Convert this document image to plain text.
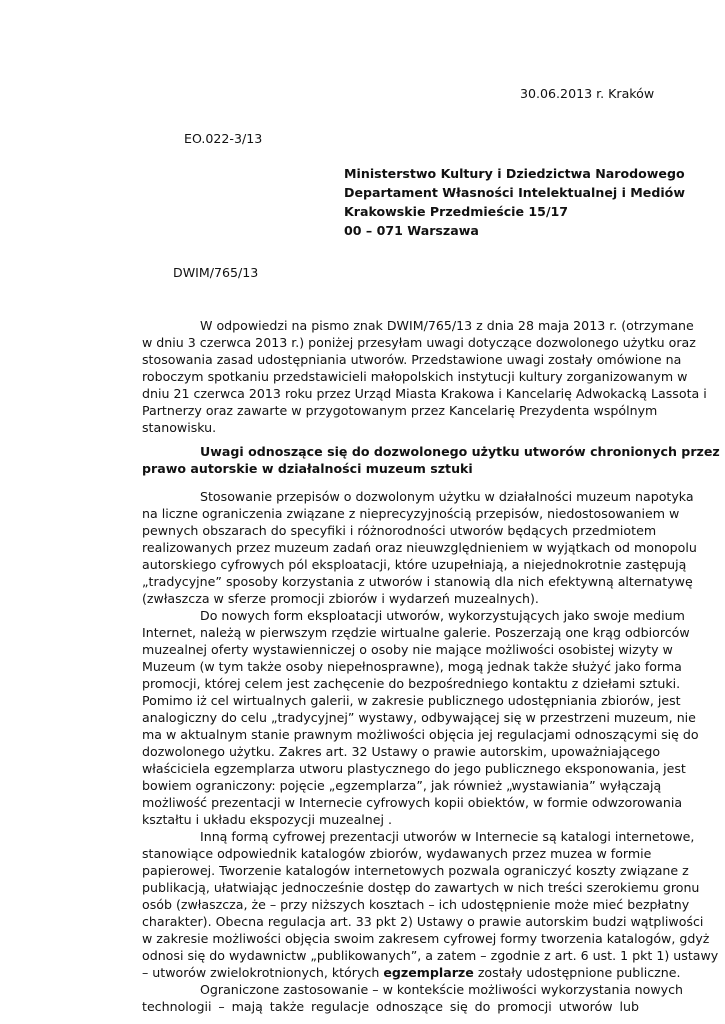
30.06.2013 r. Kraków
EO.022-3/13
Ministerstwo Kultury i Dziedzictwa Narodowego
Departament Własności Intelektualnej i Mediów
Krakowskie Przedmieście 15/17
00 – 071 Warszawa
DWIM/765/13
W odpowiedzi na pismo znak DWIM/765/13 z dnia 28 maja 2013 r. (otrzymane
w dniu 3 czerwca 2013 r.) poniżej przesyłam uwagi dotyczące dozwolonego użytku oraz
stosowania zasad udostępniania utworów. Przedstawione uwagi zostały omówione na
roboczym spotkaniu przedstawicieli małopolskich instytucji kultury zorganizowanym w
dniu 21 czerwca 2013 roku przez Urząd Miasta Krakowa i Kancelarię Adwokacką Lassota i
Partnerzy oraz zawarte w przygotowanym przez Kancelarię Prezydenta wspólnym
stanowisku.
Uwagi odnoszące się do dozwolonego użytku utworów chronionych przez
prawo autorskie w działalności muzeum sztuki
Stosowanie przepisów o dozwolonym użytku w działalności muzeum napotyka
na liczne ograniczenia związane z nieprecyzyjnością przepisów, niedostosowaniem w
pewnych obszarach do specyfiki i różnorodności utworów będących przedmiotem
realizowanych przez muzeum zadań oraz nieuwzględnieniem w wyjątkach od monopolu
autorskiego cyfrowych pól eksploatacji, które uzupełniają, a niejednokrotnie zastępują
„tradycyjne” sposoby korzystania z utworów i stanowią dla nich efektywną alternatywę
(zwłaszcza w sferze promocji zbiorów i wydarzeń muzealnych).
Do nowych form eksploatacji utworów, wykorzystujących jako swoje medium
Internet, należą w pierwszym rzędzie wirtualne galerie. Poszerzają one krąg odbiorców
muzealnej oferty wystawienniczej o osoby nie mające możliwości osobistej wizyty w
Muzeum (w tym także osoby niepełnosprawne), mogą jednak także służyć jako forma
promocji, której celem jest zachęcenie do bezpośredniego kontaktu z dziełami sztuki.
Pomimo iż cel wirtualnych galerii, w zakresie publicznego udostępniania zbiorów, jest
analogiczny do celu „tradycyjnej” wystawy, odbywającej się w przestrzeni muzeum, nie
ma w aktualnym stanie prawnym możliwości objęcia jej regulacjami odnoszącymi się do
dozwolonego użytku. Zakres art. 32 Ustawy o prawie autorskim, upoważniającego
właściciela egzemplarza utworu plastycznego do jego publicznego eksponowania, jest
bowiem ograniczony: pojęcie „egzemplarza”, jak również „wystawiania” wyłączają
możliwość prezentacji w Internecie cyfrowych kopii obiektów, w formie odwzorowania
kształtu i układu ekspozycji muzealnej .
Inną formą cyfrowej prezentacji utworów w Internecie są katalogi internetowe,
stanowiące odpowiednik katalogów zbiorów, wydawanych przez muzea w formie
papierowej. Tworzenie katalogów internetowych pozwala ograniczyć koszty związane z
publikacją, ułatwiając jednocześnie dostęp do zawartych w nich treści szerokiemu gronu
osób (zwłaszcza, że – przy niższych kosztach – ich udostępnienie może mieć bezpłatny
charakter). Obecna regulacja art. 33 pkt 2) Ustawy o prawie autorskim budzi wątpliwości
w zakresie możliwości objęcia swoim zakresem cyfrowej formy tworzenia katalogów, gdyż
odnosi się do wydawnictw „publikowanych”, a zatem – zgodnie z art. 6 ust. 1 pkt 1) ustawy
– utworów zwielokrotnionych, których egzemplarze zostały udostępnione publiczne.
Ograniczone zastosowanie – w kontekście możliwości wykorzystania nowych
technologii – mają także regulacje odnoszące się do promocji utworów lub
